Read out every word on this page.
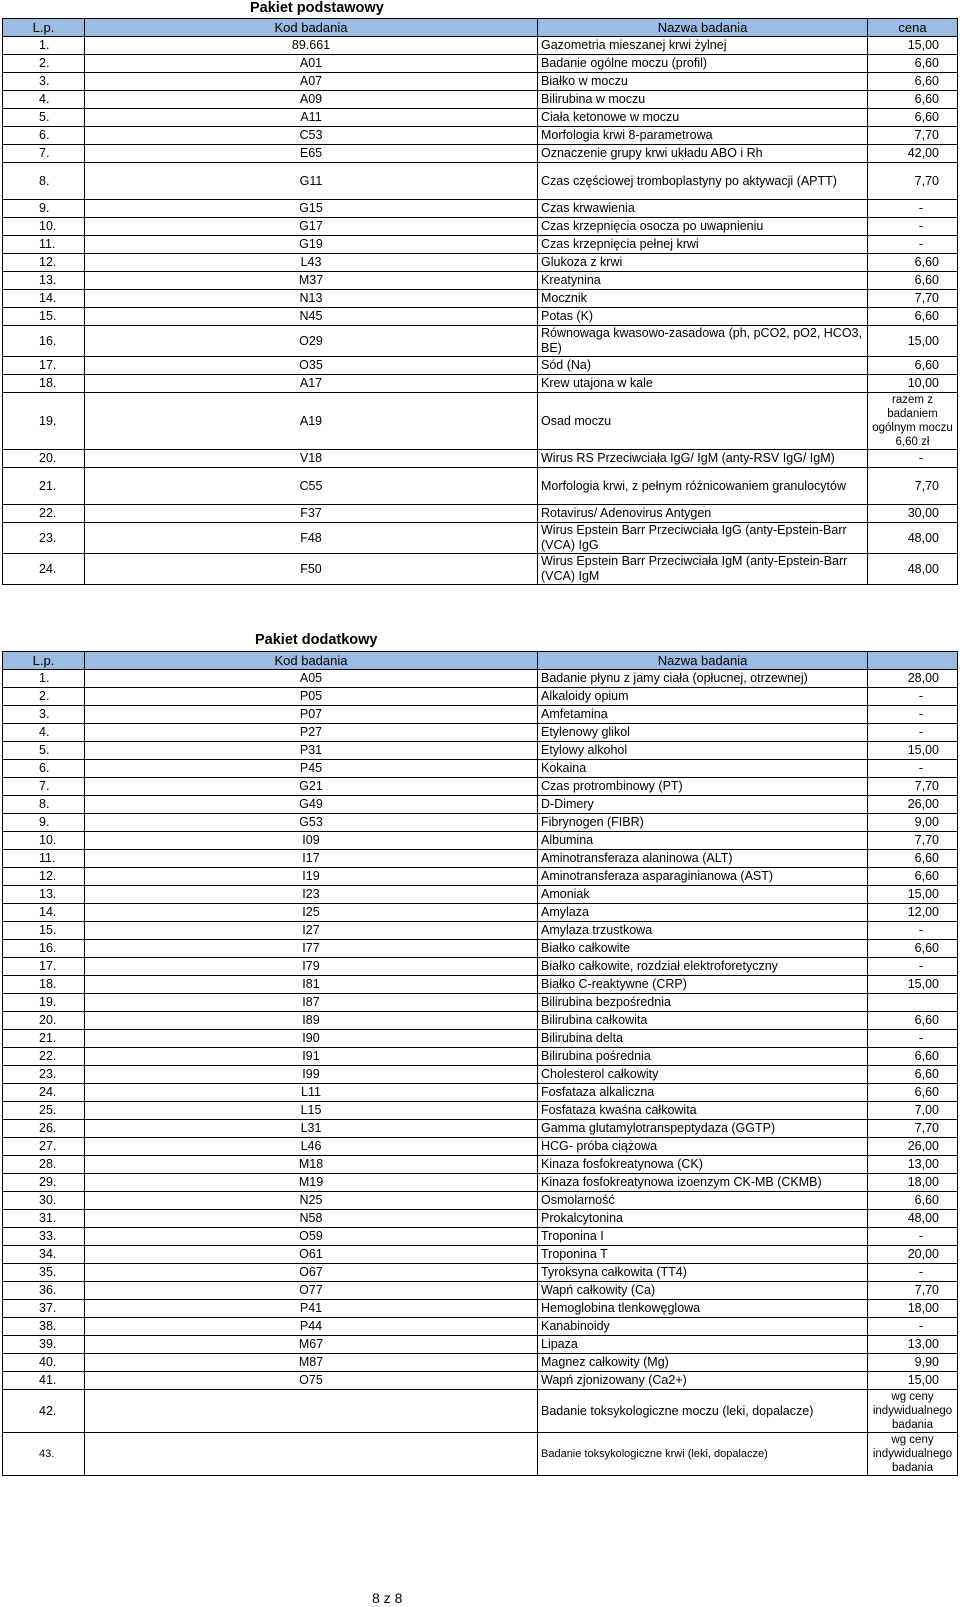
Pakiet podstawowy
L.p.	Kod badania	Nazwa badania	cena
1.	89.661	Gazometria mieszanej krwi żylnej	15,00
2.	A01	Badanie ogólne moczu (profil)	6,60
3.	A07	Białko w moczu	6,60
4.	A09	Bilirubina w moczu	6,60
5.	A11	Ciała ketonowe w moczu	6,60
6.	C53	Morfologia krwi 8-parametrowa	7,70
7.	E65	Oznaczenie grupy krwi układu ABO i Rh	42,00
8.	G11	Czas częściowej tromboplastyny po aktywacji (APTT)	7,70
9.	G15	Czas krwawienia	-
10.	G17	Czas krzepnięcia osocza po uwapnieniu	-
11.	G19	Czas krzepnięcia pełnej krwi	-
12.	L43	Glukoza z krwi	6,60
13.	M37	Kreatynina	6,60
14.	N13	Mocznik	7,70
15.	N45	Potas (K)	6,60
16.	O29	Równowaga kwasowo-zasadowa (ph, pCO2, pO2, HCO3, BE)	15,00
17.	O35	Sód (Na)	6,60
18.	A17	Krew utajona w kale	10,00
19.	A19	Osad moczu	razem z badaniem ogólnym moczu 6,60 zł
20.	V18	Wirus RS Przeciwciała IgG/ IgM (anty-RSV IgG/ IgM)	-
21.	C55	Morfologia krwi, z pełnym różnicowaniem granulocytów	7,70
22.	F37	Rotavirus/ Adenovirus Antygen	30,00
23.	F48	Wirus Epstein Barr Przeciwciała IgG (anty-Epstein-Barr (VCA) IgG	48,00
24.	F50	Wirus Epstein Barr Przeciwciała IgM (anty-Epstein-Barr (VCA) IgM	48,00
Pakiet dodatkowy
L.p.	Kod badania	Nazwa badania	
1.	A05	Badanie płynu z jamy ciała (opłucnej, otrzewnej)	28,00
2.	P05	Alkaloidy opium	-
3.	P07	Amfetamina	-
4.	P27	Etylenowy glikol	-
5.	P31	Etylowy alkohol	15,00
6.	P45	Kokaina	-
7.	G21	Czas protrombinowy (PT)	7,70
8.	G49	D-Dimery	26,00
9.	G53	Fibrynogen (FIBR)	9,00
10.	I09	Albumina	7,70
11.	I17	Aminotransferaza alaninowa (ALT)	6,60
12.	I19	Aminotransferaza asparaginianowa (AST)	6,60
13.	I23	Amoniak	15,00
14.	I25	Amylaza	12,00
15.	I27	Amylaza trzustkowa	-
16.	I77	Białko całkowite	6,60
17.	I79	Białko całkowite, rozdział elektroforetyczny	-
18.	I81	Białko C-reaktywne (CRP)	15,00
19.	I87	Bilirubina bezpośrednia	
20.	I89	Bilirubina całkowita	6,60
21.	I90	Bilirubina delta	-
22.	I91	Bilirubina pośrednia	6,60
23.	I99	Cholesterol całkowity	6,60
24.	L11	Fosfataza alkaliczna	6,60
25.	L15	Fosfataza kwaśna całkowita	7,00
26.	L31	Gamma glutamylotranspeptydaza (GGTP)	7,70
27.	L46	HCG- próba ciążowa	26,00
28.	M18	Kinaza fosfokreatynowa (CK)	13,00
29.	M19	Kinaza fosfokreatynowa izoenzym CK-MB (CKMB)	18,00
30.	N25	Osmolarność	6,60
31.	N58	Prokalcytonina	48,00
33.	O59	Troponina I	-
34.	O61	Troponina T	20,00
35.	O67	Tyroksyna całkowita (TT4)	-
36.	O77	Wapń całkowity (Ca)	7,70
37.	P41	Hemoglobina tlenkowęglowa	18,00
38.	P44	Kanabinoidy	-
39.	M67	Lipaza	13,00
40.	M87	Magnez całkowity (Mg)	9,90
41.	O75	Wapń zjonizowany (Ca2+)	15,00
42.		Badanie toksykologiczne moczu (leki, dopalacze)	wg ceny indywidualnego badania
43.		Badanie toksykologiczne krwi (leki, dopalacze)	wg ceny indywidualnego badania
8 z 8
